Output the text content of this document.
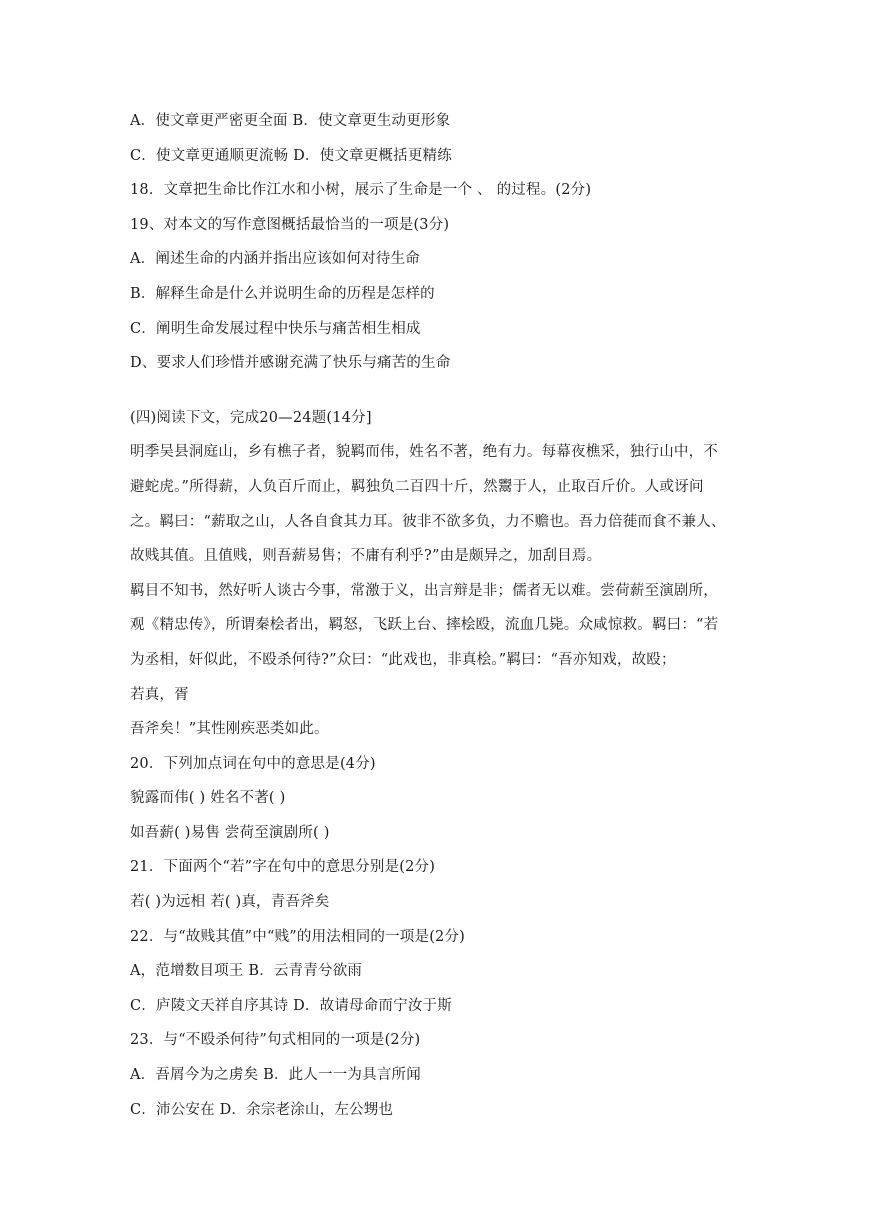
A．使文章更严密更全面 B．使文章更生动更形象
C．使文章更通顺更流畅 D．使文章更概括更精练
18．文章把生命比作江水和小树，展示了生命是一个 、 的过程。(2分)
19、对本文的写作意图概括最恰当的一项是(3分)
A．阐述生命的内涵并指出应该如何对待生命
B．解释生命是什么并说明生命的历程是怎样的
C．阐明生命发展过程中快乐与痛苦相生相成
D、要求人们珍惜并感谢充满了快乐与痛苦的生命
(四)阅读下文，完成20—24题(14分]
明季吴县洞庭山，乡有樵子者，貌羁而伟，姓名不著，绝有力。每幕夜樵采，独行山中，不
避蛇虎。”所得薪，人负百斤而止，羁独负二百四十斤，然鬻于人，止取百斤价。人或讶问
之。羁曰：“薪取之山，人各自食其力耳。彼非不欲多负，力不赡也。吾力倍蓰而食不兼人、
故贱其值。且值贱，则吾薪易售；不庸有利乎?”由是颇异之，加刮目焉。
羁目不知书，然好听人谈古今事，常激于义，出言辩是非；儒者无以难。尝荷薪至演剧所，
观《精忠传》，所谓秦桧者出，羁怒，飞跃上台、摔桧殴，流血几毙。众咸惊救。羁曰：“若
为丞相，奸似此，不殴杀何待?”众曰：“此戏也，非真桧。”羁曰：“吾亦知戏，故殴；
若真，胥
吾斧矣！”其性刚疾恶类如此。
20．下列加点词在句中的意思是(4分)
貌露而伟( ) 姓名不著( )
如吾薪( )易售 尝荷至演剧所( )
21．下面两个“若”字在句中的意思分别是(2分)
若( )为远相 若( )真，青吾斧矣
22．与“故贱其值”中“贱”的用法相同的一项是(2分)
A，范增数目项王 B．云青青兮欲雨
C．庐陵文天祥自序其诗 D．故请母命而宁汝于斯
23．与“不殴杀何待”句式相同的一项是(2分)
A．吾屑今为之虏矣 B．此人一一为具言所闻
C．沛公安在 D．余宗老涂山，左公甥也
